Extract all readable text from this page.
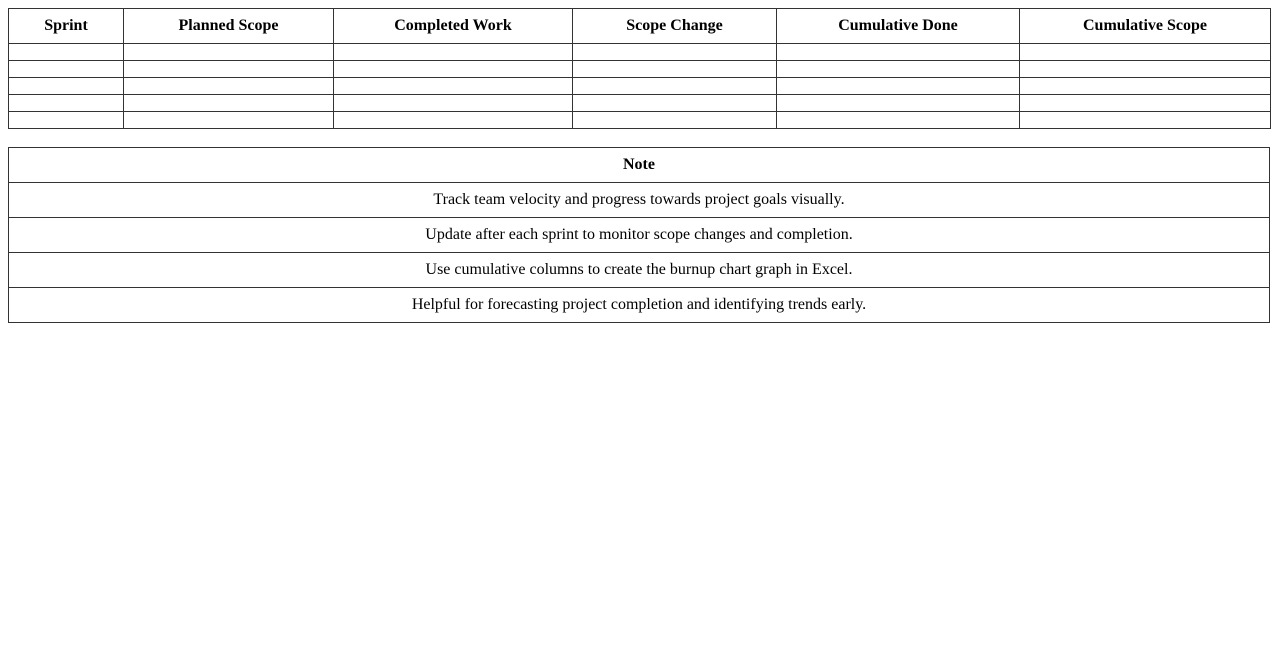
Sprint	Planned Scope	Completed Work	Scope Change	Cumulative Done	Cumulative Scope

Note
Track team velocity and progress towards project goals visually.
Update after each sprint to monitor scope changes and completion.
Use cumulative columns to create the burnup chart graph in Excel.
Helpful for forecasting project completion and identifying trends early.
